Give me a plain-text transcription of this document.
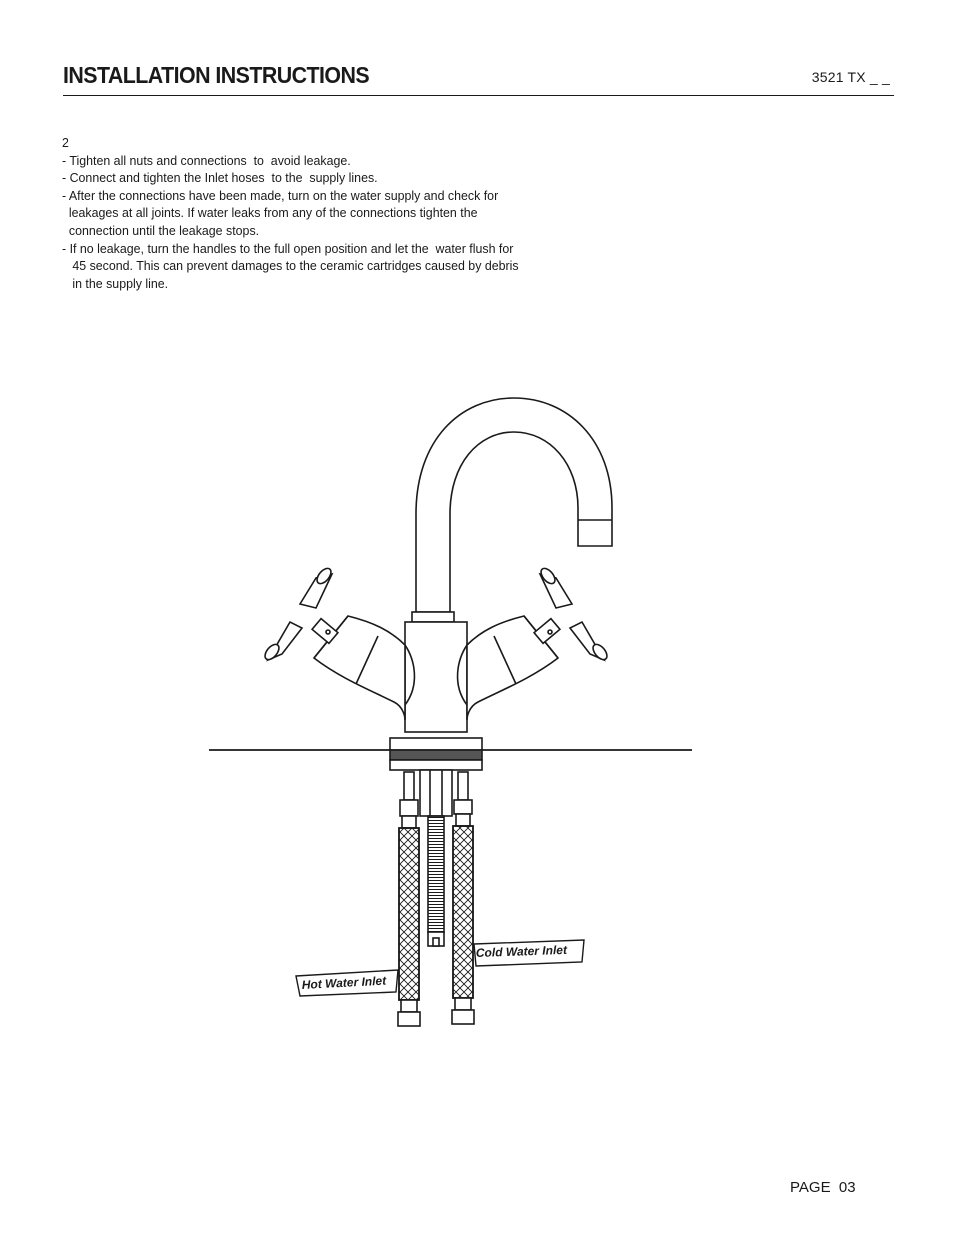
INSTALLATION INSTRUCTIONS	3521 TX _ _
2
- Tighten all nuts and connections  to  avoid leakage.
- Connect and tighten the Inlet hoses  to the  supply lines.
- After the connections have been made, turn on the water supply and check for
leakages at all joints. If water leaks from any of the connections tighten the
connection until the leakage stops.
- If no leakage, turn the handles to the full open position and let the  water flush for
45 second. This can prevent damages to the ceramic cartridges caused by debris
in the supply line.
Hot Water Inlet
Cold Water Inlet
PAGE  03
